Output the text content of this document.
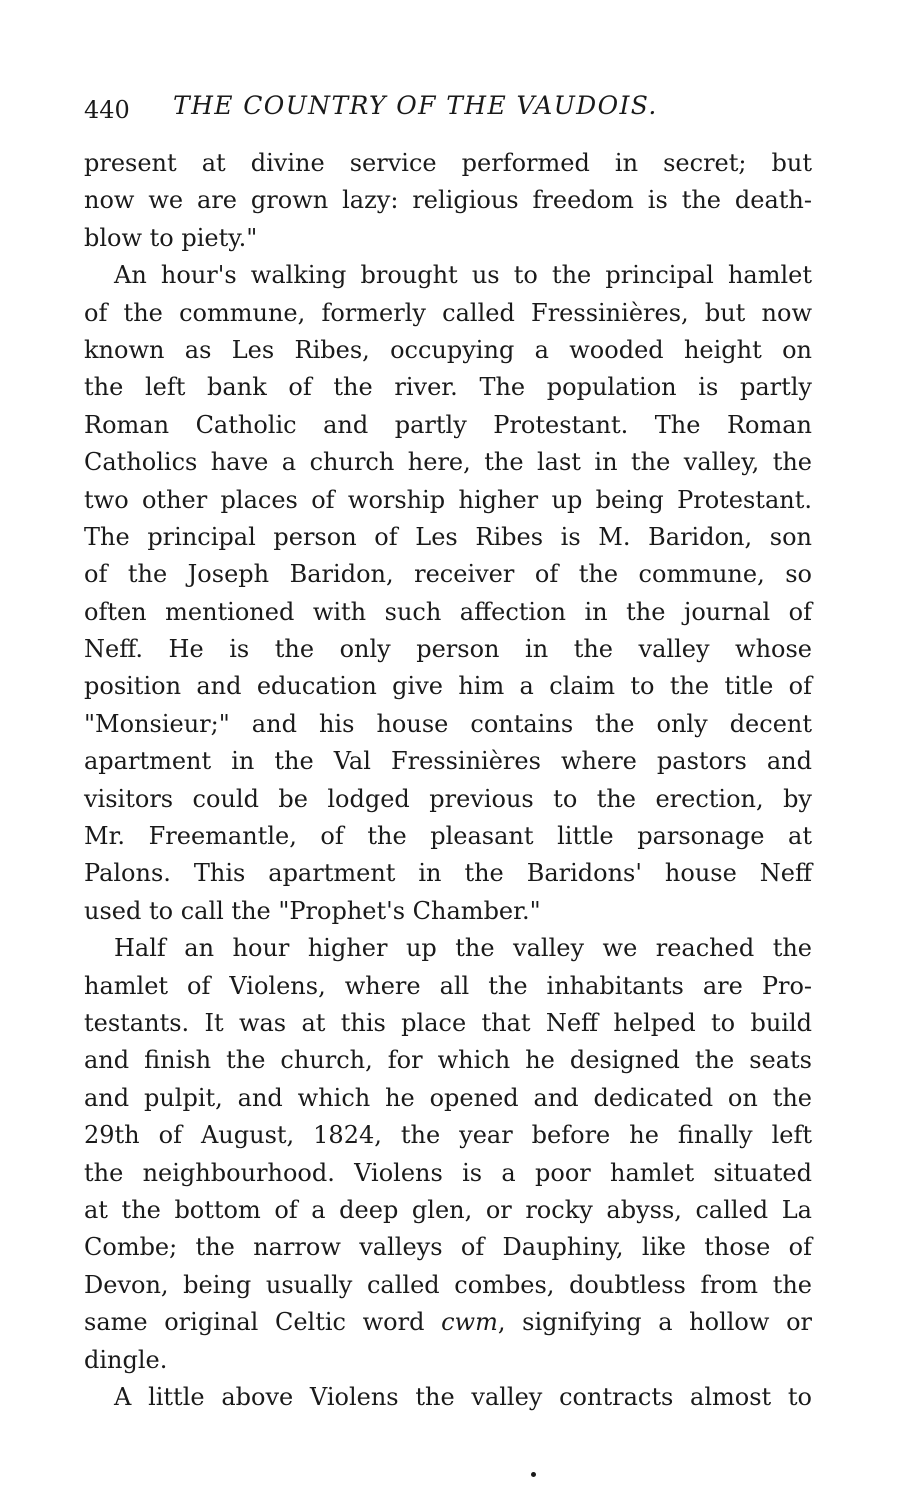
440 THE COUNTRY OF THE VAUDOIS.
present at divine service performed in secret; but
now we are grown lazy: religious freedom is the death-
blow to piety."
An hour's walking brought us to the principal hamlet
of the commune, formerly called Fressinières, but now
known as Les Ribes, occupying a wooded height on
the left bank of the river. The population is partly
Roman Catholic and partly Protestant. The Roman
Catholics have a church here, the last in the valley, the
two other places of worship higher up being Protestant.
The principal person of Les Ribes is M. Baridon, son
of the Joseph Baridon, receiver of the commune, so
often mentioned with such affection in the journal of
Neff. He is the only person in the valley whose
position and education give him a claim to the title of
"Monsieur;" and his house contains the only decent
apartment in the Val Fressinières where pastors and
visitors could be lodged previous to the erection, by
Mr. Freemantle, of the pleasant little parsonage at
Palons. This apartment in the Baridons' house Neff
used to call the "Prophet's Chamber."
Half an hour higher up the valley we reached the
hamlet of Violens, where all the inhabitants are Pro-
testants. It was at this place that Neff helped to build
and finish the church, for which he designed the seats
and pulpit, and which he opened and dedicated on the
29th of August, 1824, the year before he finally left
the neighbourhood. Violens is a poor hamlet situated
at the bottom of a deep glen, or rocky abyss, called La
Combe; the narrow valleys of Dauphiny, like those of
Devon, being usually called combes, doubtless from the
same original Celtic word cwm, signifying a hollow or
dingle.
A little above Violens the valley contracts almost to
